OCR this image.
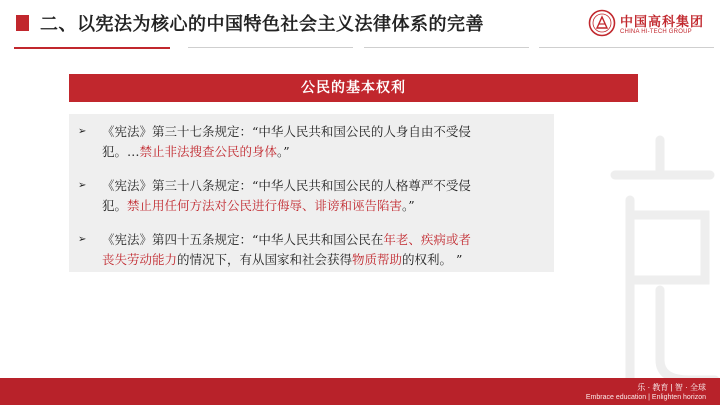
二、以宪法为核心的中国特色社会主义法律体系的完善	中国高科集团
CHINA HI-TECH GROUP
公民的基本权利
➢ 《宪法》第三十七条规定：“中华人民共和国公民的人身自由不受侵
犯。…禁止非法搜查公民的身体。”
➢ 《宪法》第三十八条规定：“中华人民共和国公民的人格尊严不受侵
犯。禁止用任何方法对公民进行侮辱、诽谤和诬告陷害。”
➢ 《宪法》第四十五条规定：“中华人民共和国公民在年老、疾病或者
丧失劳动能力的情况下，有从国家和社会获得物质帮助的权利。 ”
乐 · 教育 | 智 · 全球
Embrace education | Enlighten horizon
